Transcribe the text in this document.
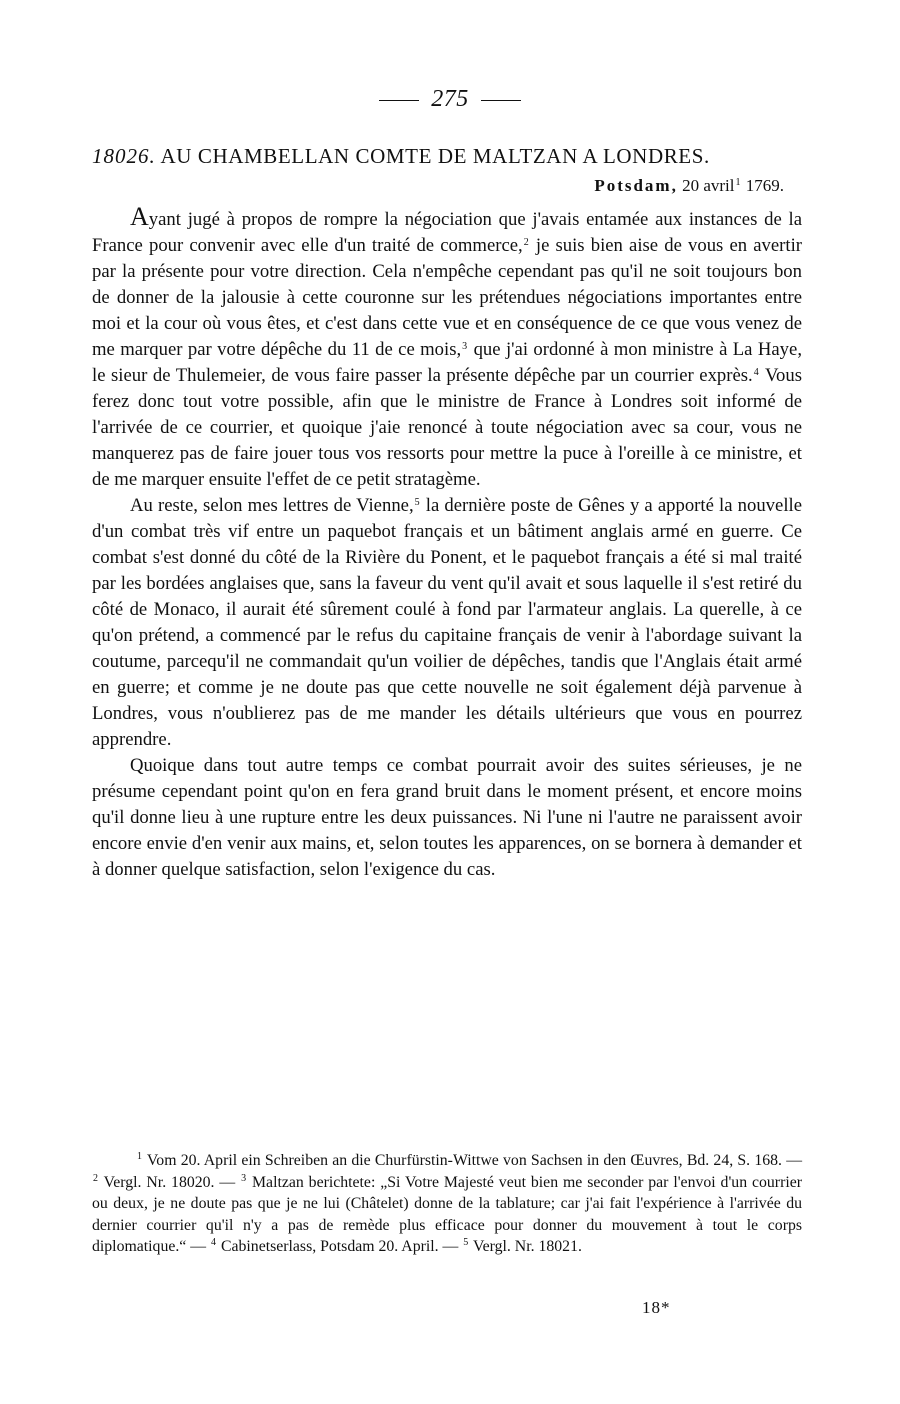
275
18026. AU CHAMBELLAN COMTE DE MALTZAN A LONDRES.
Potsdam, 20 avril$^1$ 1769.

Ayant jugé à propos de rompre la négociation que j'avais entamée aux instances de la France pour convenir avec elle d'un traité de commerce,$^2$ je suis bien aise de vous en avertir par la présente pour votre direction. Cela n'empêche cependant pas qu'il ne soit toujours bon de donner de la jalousie à cette couronne sur les prétendues négociations importantes entre moi et la cour où vous êtes, et c'est dans cette vue et en conséquence de ce que vous venez de me marquer par votre dépêche du 11 de ce mois,$^3$ que j'ai ordonné à mon ministre à La Haye, le sieur de Thulemeier, de vous faire passer la présente dépêche par un courrier exprès.$^4$ Vous ferez donc tout votre possible, afin que le ministre de France à Londres soit informé de l'arrivée de ce courrier, et quoique j'aie renoncé à toute négociation avec sa cour, vous ne manquerez pas de faire jouer tous vos ressorts pour mettre la puce à l'oreille à ce ministre, et de me marquer ensuite l'effet de ce petit stratagème.

Au reste, selon mes lettres de Vienne,$^5$ la dernière poste de Gênes y a apporté la nouvelle d'un combat très vif entre un paquebot français et un bâtiment anglais armé en guerre. Ce combat s'est donné du côté de la Rivière du Ponent, et le paquebot français a été si mal traité par les bordées anglaises que, sans la faveur du vent qu'il avait et sous laquelle il s'est retiré du côté de Monaco, il aurait été sûrement coulé à fond par l'armateur anglais. La querelle, à ce qu'on prétend, a commencé par le refus du capitaine français de venir à l'abordage suivant la coutume, parcequ'il ne commandait qu'un voilier de dépêches, tandis que l'Anglais était armé en guerre; et comme je ne doute pas que cette nouvelle ne soit également déjà parvenue à Londres, vous n'oublierez pas de me mander les détails ultérieurs que vous en pourrez apprendre.

Quoique dans tout autre temps ce combat pourrait avoir des suites sérieuses, je ne présume cependant point qu'on en fera grand bruit dans le moment présent, et encore moins qu'il donne lieu à une rupture entre les deux puissances. Ni l'une ni l'autre ne paraissent avoir encore envie d'en venir aux mains, et, selon toutes les apparences, on se bornera à demander et à donner quelque satisfaction, selon l'exigence du cas.

$^1$ Vom 20. April ein Schreiben an die Churfürstin-Wittwe von Sachsen in den Œuvres, Bd. 24, S. 168. — $^2$ Vergl. Nr. 18020. — $^3$ Maltzan berichtete: „Si Votre Majesté veut bien me seconder par l'envoi d'un courrier ou deux, je ne doute pas que je ne lui (Châtelet) donne de la tablature; car j'ai fait l'expérience à l'arrivée du dernier courrier qu'il n'y a pas de remède plus efficace pour donner du mouvement à tout le corps diplomatique.“ — $^4$ Cabinetserlass, Potsdam 20. April. — $^5$ Vergl. Nr. 18021.

18*
